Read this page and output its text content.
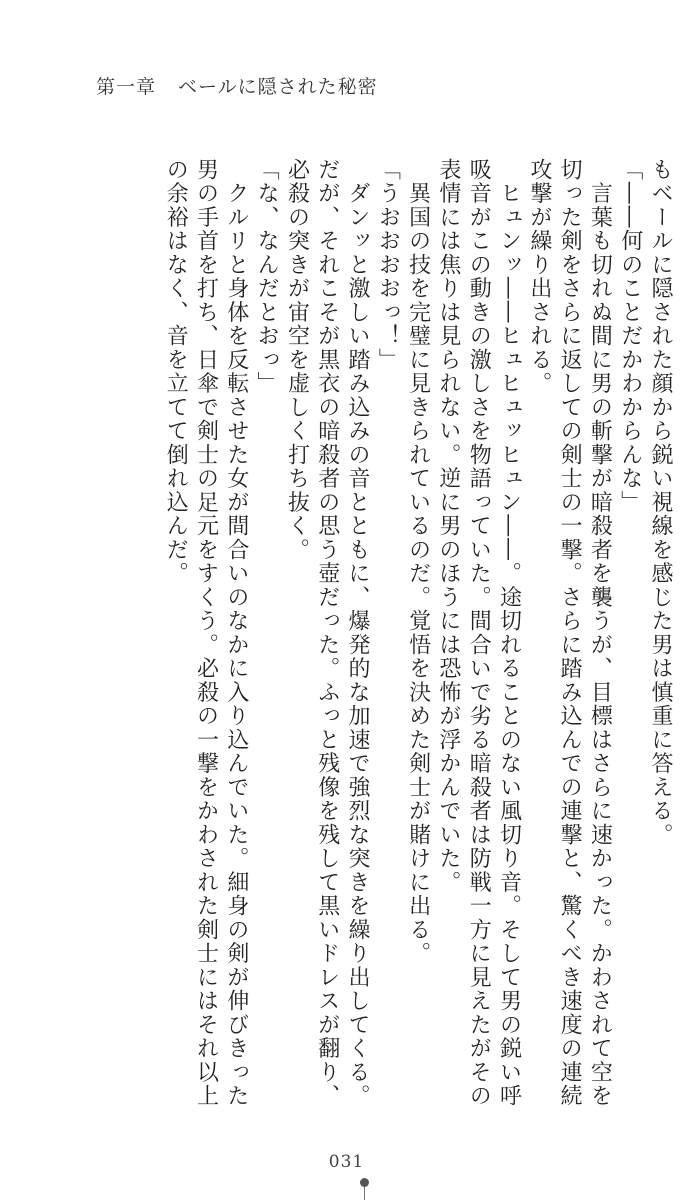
第一章 ベールに隠された秘密

もベールに隠された顔から鋭い視線を感じた男は慎重に答える。

「――何のことだかわからんな」

　言葉も切れぬ間に男の斬撃が暗殺者を襲うが、目標はさらに速かった。かわされて空を

切った剣をさらに返しての剣士の一撃。さらに踏み込んでの連撃と、驚くべき速度の連続

攻撃が繰り出される。

　ヒュンッ――ヒュヒュッヒュン――。途切れることのない風切り音。そして男の鋭い呼

吸音がこの動きの激しさを物語っていた。間合いで劣る暗殺者は防戦一方に見えたがその

表情には焦りは見られない。逆に男のほうには恐怖が浮かんでいた。

　異国の技を完璧に見きられているのだ。覚悟を決めた剣士が賭けに出る。

「うおおおおっ！」

　ダンッと激しい踏み込みの音とともに、爆発的な加速で強烈な突きを繰り出してくる。

だが、それこそが黒衣の暗殺者の思う壺だった。ふっと残像を残して黒いドレスが翻り、

必殺の突きが宙空を虚しく打ち抜く。

「な、なんだとおっ」

　クルリと身体を反転させた女が間合いのなかに入り込んでいた。細身の剣が伸びきった

男の手首を打ち、日傘で剣士の足元をすくう。必殺の一撃をかわされた剣士にはそれ以上

の余裕はなく、音を立てて倒れ込んだ。

031
